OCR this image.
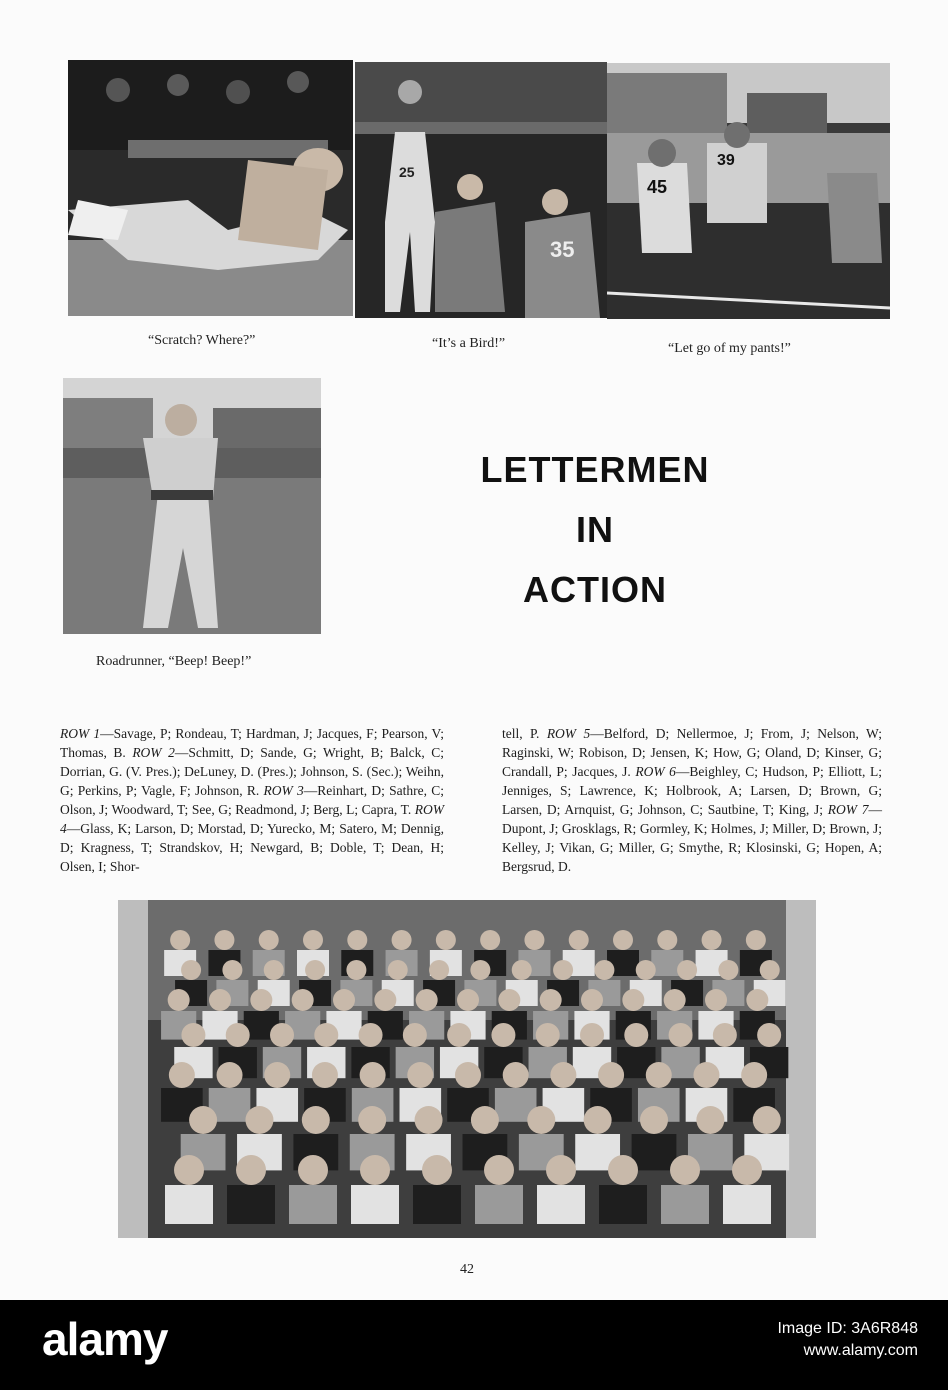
25
35
45
39
“Scratch? Where?”	“It’s a Bird!”	“Let go of my pants!”
Roadrunner, “Beep! Beep!”
LETTERMEN
IN
ACTION
ROW 1—Savage, P; Rondeau, T; Hardman, J; Jacques, F; Pearson, V; Thomas, B. ROW 2—Schmitt, D; Sande, G; Wright, B; Balck, C; Dorrian, G. (V. Pres.); DeLuney, D. (Pres.); Johnson, S. (Sec.); Weihn, G; Perkins, P; Vagle, F; Johnson, R. ROW 3—Reinhart, D; Sathre, C; Olson, J; Woodward, T; See, G; Readmond, J; Berg, L; Capra, T. ROW 4—Glass, K; Larson, D; Morstad, D; Yurecko, M; Satero, M; Dennig, D; Kragness, T; Strandskov, H; Newgard, B; Doble, T; Dean, H; Olsen, I; Shor-
tell, P. ROW 5—Belford, D; Nellermoe, J; From, J; Nelson, W; Raginski, W; Robison, D; Jensen, K; How, G; Oland, D; Kinser, G; Crandall, P; Jacques, J. ROW 6—Beighley, C; Hudson, P; Elliott, L; Jenniges, S; Lawrence, K; Holbrook, A; Larsen, D; Brown, G; Larsen, D; Arnquist, G; Johnson, C; Sautbine, T; King, J; ROW 7—Dupont, J; Grosklags, R; Gormley, K; Holmes, J; Miller, D; Brown, J; Kelley, J; Vikan, G; Miller, G; Smythe, R; Klosinski, G; Hopen, A; Bergsrud, D.
42
alamy	Image ID: 3A6R848
www.alamy.com
